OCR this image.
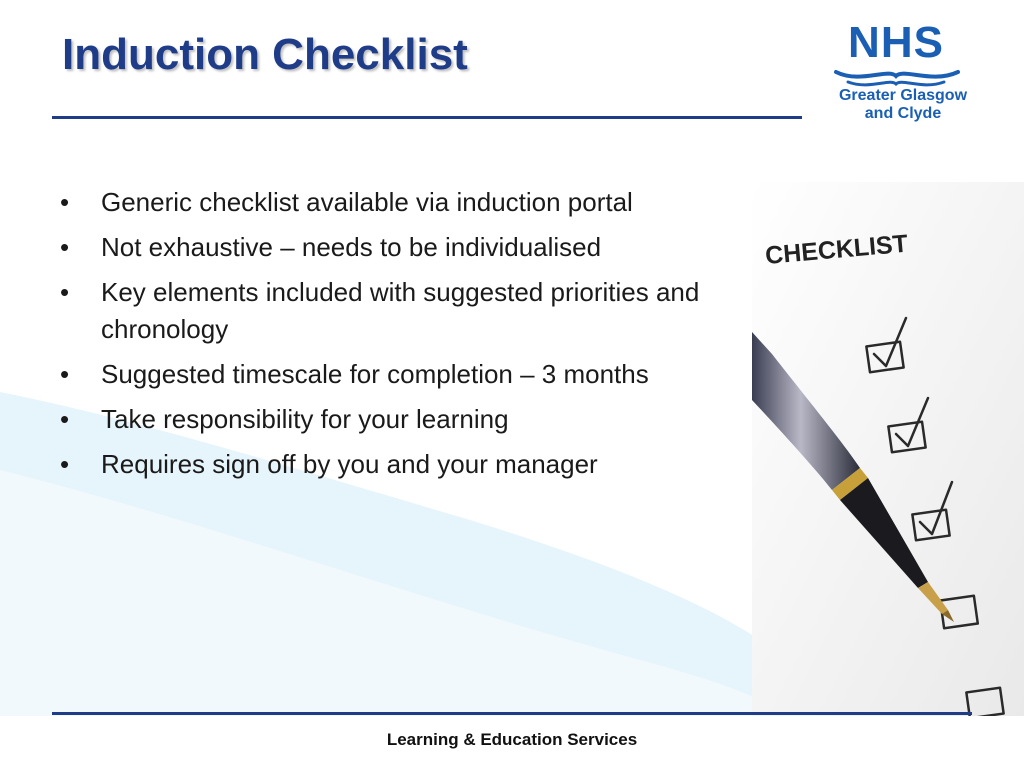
Induction Checklist	NHS
Greater Glasgow
and Clyde
•	Generic checklist available via induction portal
•	Not exhaustive – needs to be individualised
•	Key elements included with suggested priorities and chronology
•	Suggested timescale for completion – 3 months
•	Take responsibility for your learning
•	Requires sign off by you and your manager
CHECKLIST
Learning & Education Services
